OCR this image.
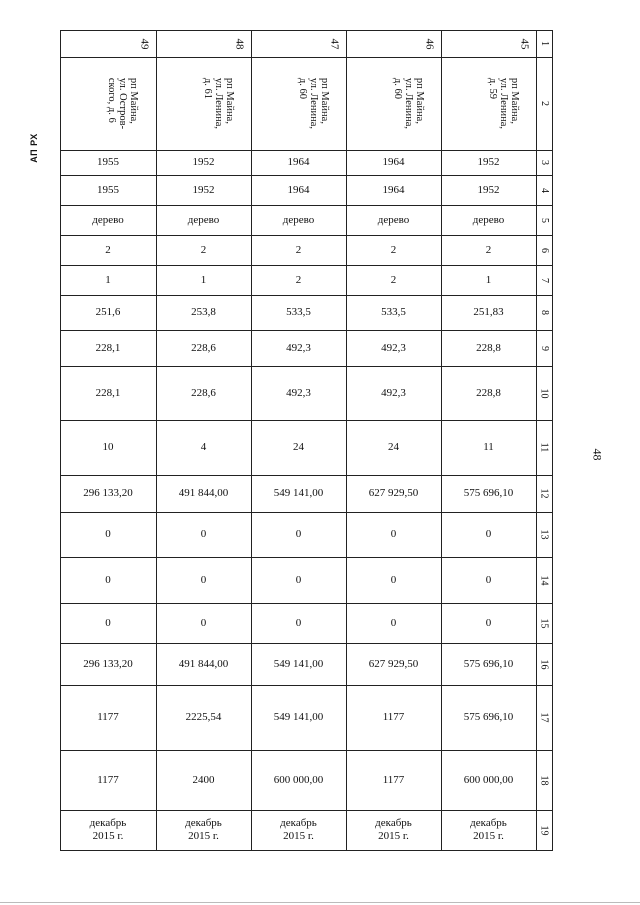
АП РХ
48
1
2
3
4
5
6
7
8
9
10
11
12
13
14
15
16
17
18
19
45
рп Майна,
ул. Ленина,
д. 59
1952
1952
дерево
2
1
251,83
228,8
228,8
11
575 696,10
0
0
0
575 696,10
575 696,10
600 000,00
декабрь
2015 г.
46
рп Майна,
ул. Ленина,
д. 60
1964
1964
дерево
2
2
533,5
492,3
492,3
24
627 929,50
0
0
0
627 929,50
1177
1177
декабрь
2015 г.
47
рп Майна,
ул. Ленина,
д. 60
1964
1964
дерево
2
2
533,5
492,3
492,3
24
549 141,00
0
0
0
549 141,00
549 141,00
600 000,00
декабрь
2015 г.
48
рп Майна,
ул. Ленина,
д. 61
1952
1952
дерево
2
1
253,8
228,6
228,6
4
491 844,00
0
0
0
491 844,00
2225,54
2400
декабрь
2015 г.
49
рп Майна,
ул. Остров-
ского, д. 6
1955
1955
дерево
2
1
251,6
228,1
228,1
10
296 133,20
0
0
0
296 133,20
1177
1177
декабрь
2015 г.
